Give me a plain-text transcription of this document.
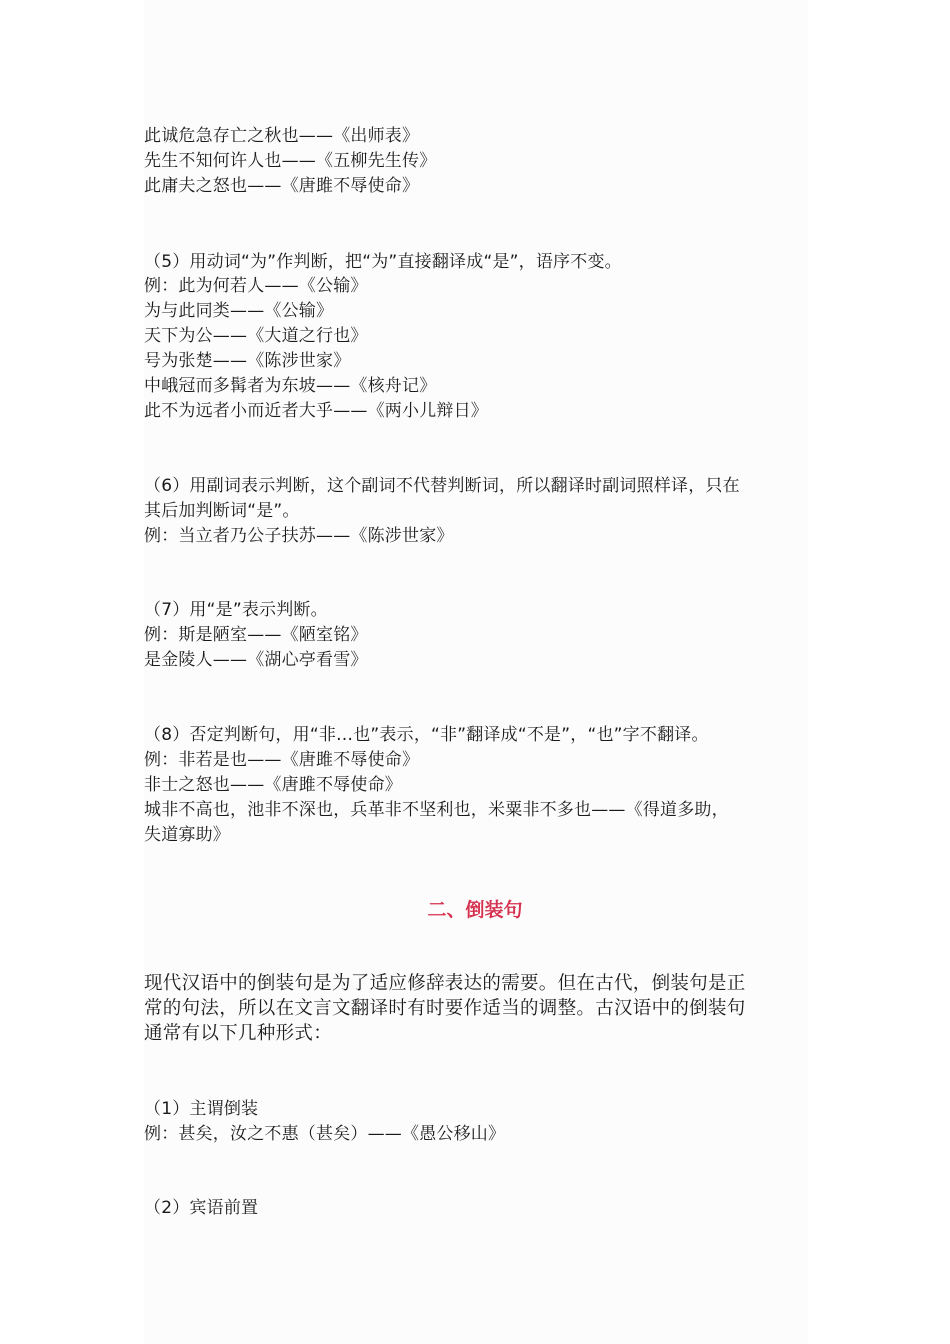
此诚危急存亡之秋也——《出师表》
先生不知何许人也——《五柳先生传》
此庸夫之怒也——《唐雎不辱使命》
（5）用动词“为”作判断，把“为”直接翻译成“是”，语序不变。
例：此为何若人——《公输》
为与此同类——《公输》
天下为公——《大道之行也》
号为张楚——《陈涉世家》
中峨冠而多髯者为东坡——《核舟记》
此不为远者小而近者大乎——《两小儿辩日》
（6）用副词表示判断，这个副词不代替判断词，所以翻译时副词照样译，只在
其后加判断词“是”。
例：当立者乃公子扶苏——《陈涉世家》
（7）用“是”表示判断。
例：斯是陋室——《陋室铭》
是金陵人——《湖心亭看雪》
（8）否定判断句，用“非…也”表示，“非”翻译成“不是”，“也”字不翻译。
例：非若是也——《唐雎不辱使命》
非士之怒也——《唐雎不辱使命》
城非不高也，池非不深也，兵革非不坚利也，米粟非不多也——《得道多助，
失道寡助》
二、倒装句
现代汉语中的倒装句是为了适应修辞表达的需要。但在古代，倒装句是正
常的句法，所以在文言文翻译时有时要作适当的调整。古汉语中的倒装句
通常有以下几种形式：
（1）主谓倒装
例：甚矣，汝之不惠（甚矣）——《愚公移山》
（2）宾语前置
